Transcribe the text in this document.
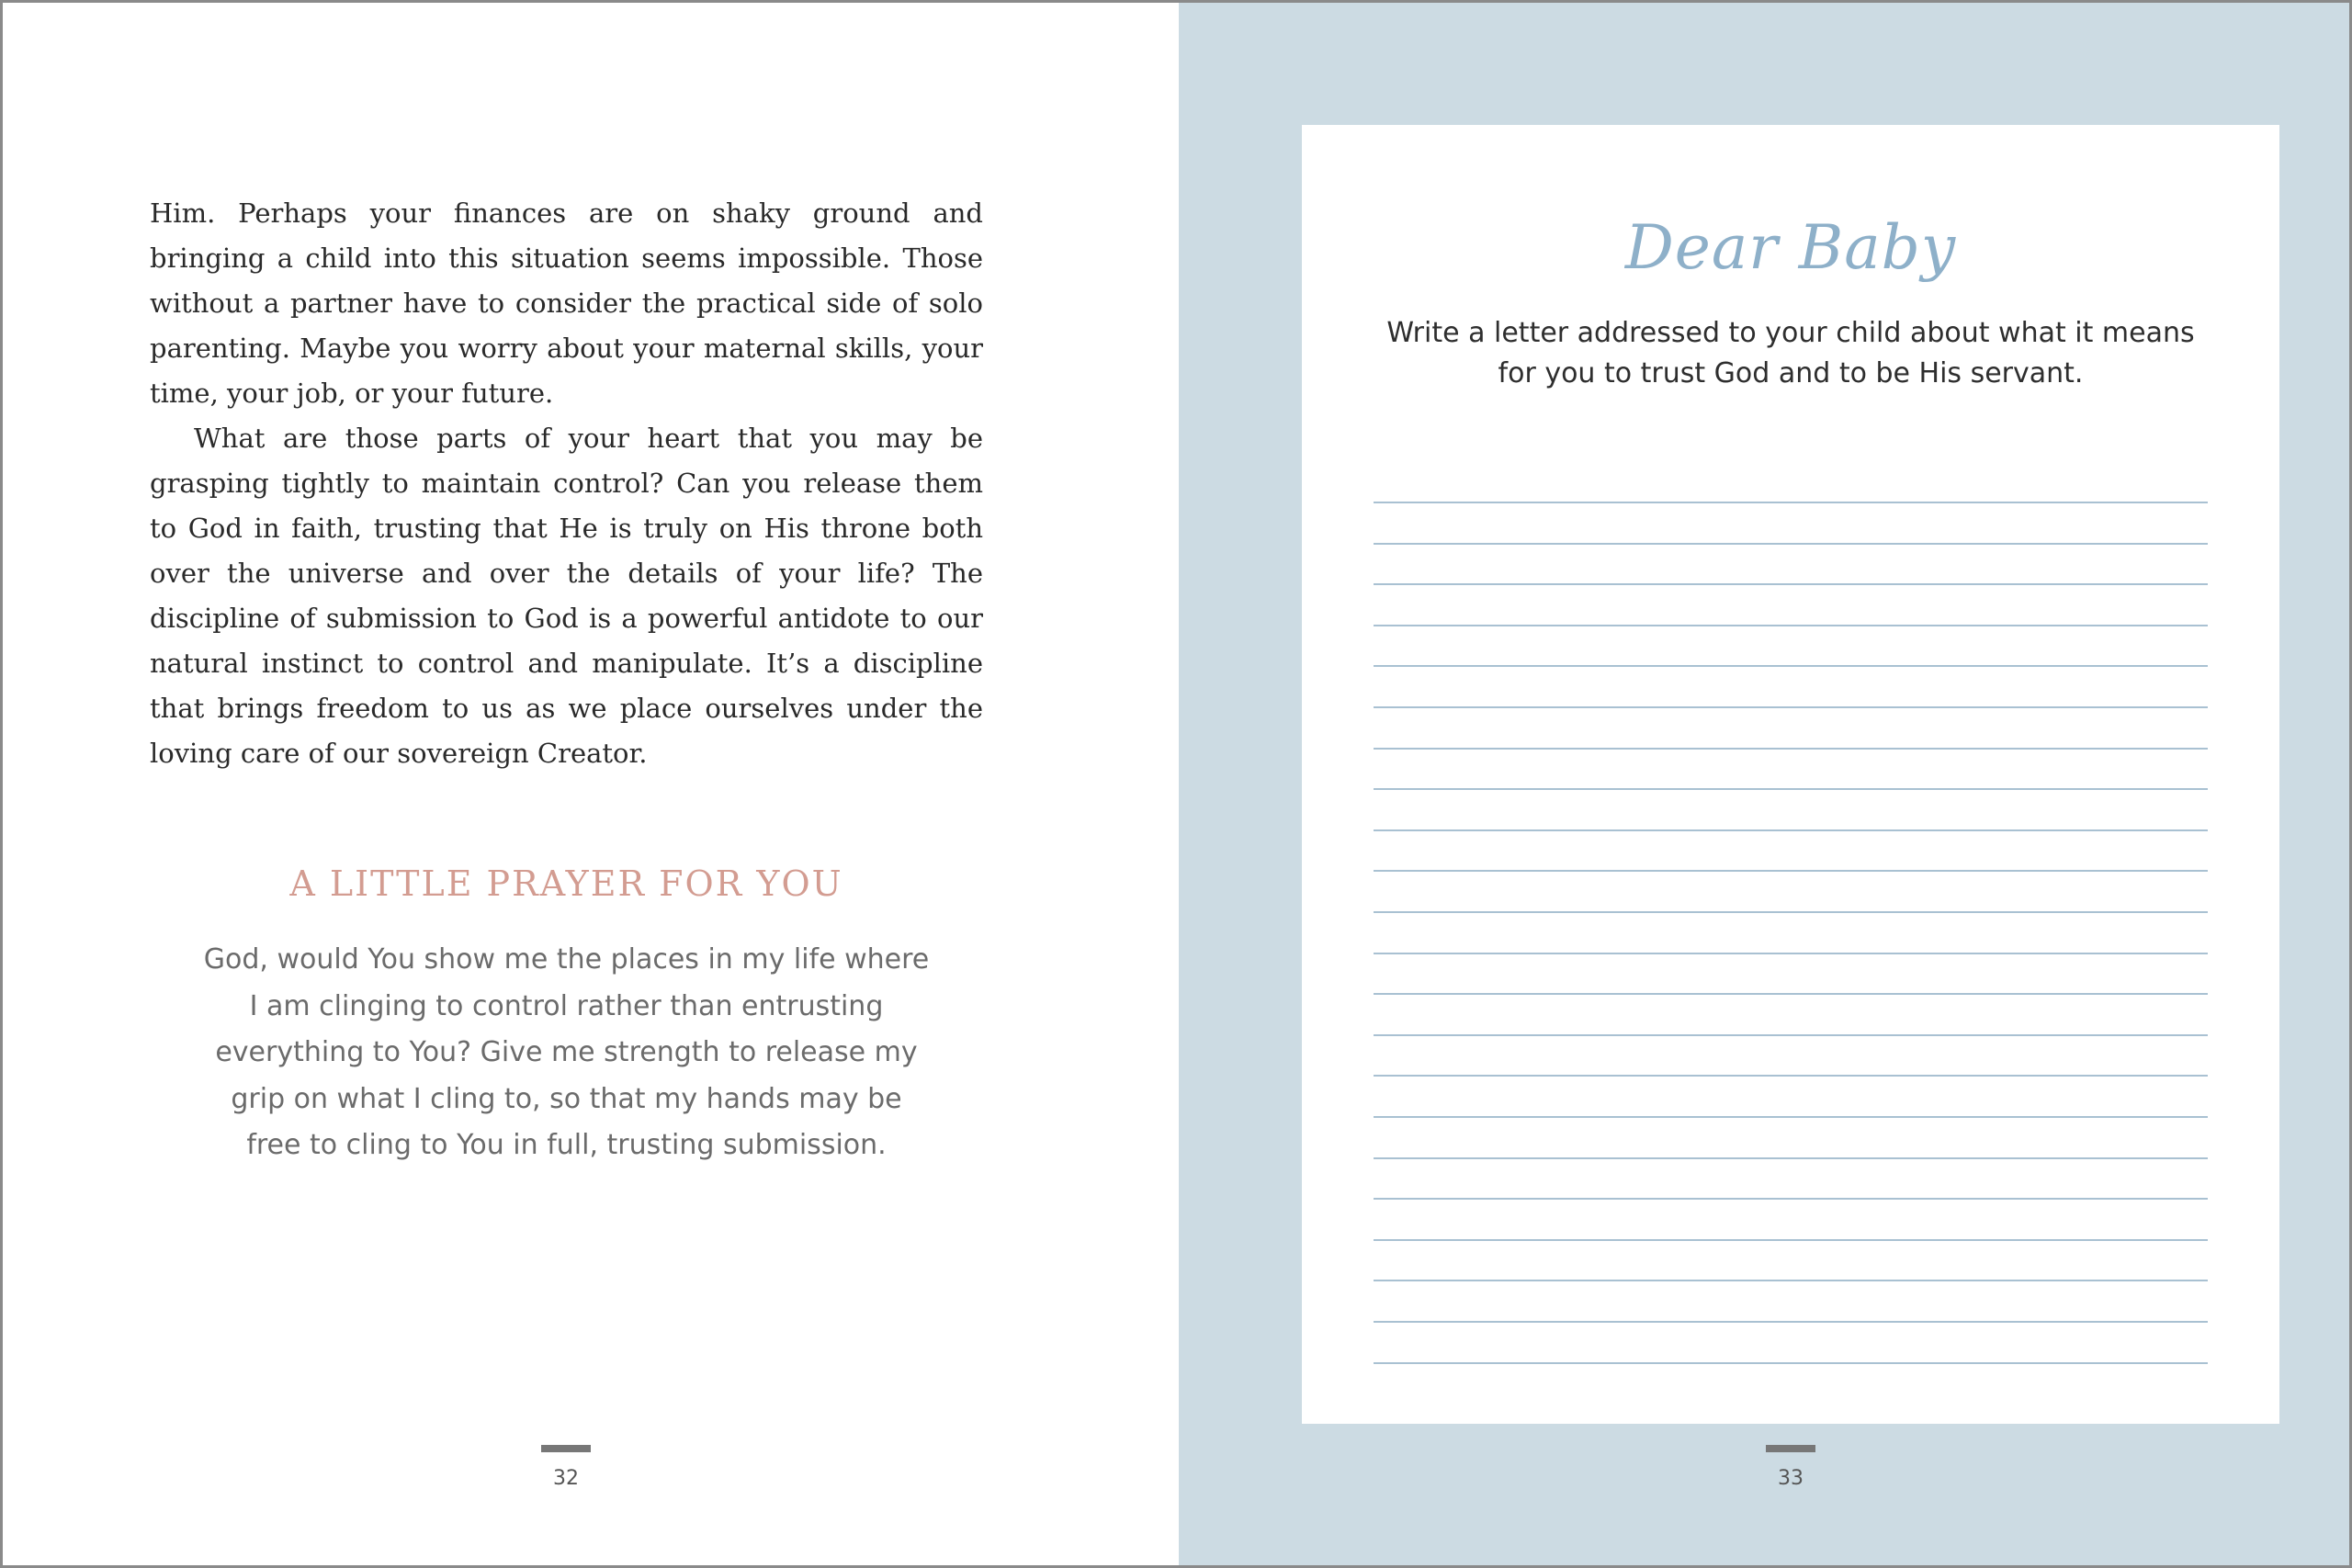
Him. Perhaps your finances are on shaky ground and bringing a child into this situation seems impossible. Those without a partner have to consider the practical side of solo parenting. Maybe you worry about your maternal skills, your time, your job, or your future.

What are those parts of your heart that you may be grasping tightly to maintain control? Can you release them to God in faith, trusting that He is truly on His throne both over the universe and over the details of your life? The discipline of submission to God is a powerful antidote to our natural instinct to control and manipulate. It’s a discipline that brings freedom to us as we place ourselves under the loving care of our sovereign Creator.

A LITTLE PRAYER FOR YOU
God, would You show me the places in my life where
I am clinging to control rather than entrusting
everything to You? Give me strength to release my
grip on what I cling to, so that my hands may be
free to cling to You in full, trusting submission.
32	33
Dear Baby
Write a letter addressed to your child about what it means
for you to trust God and to be His servant.
